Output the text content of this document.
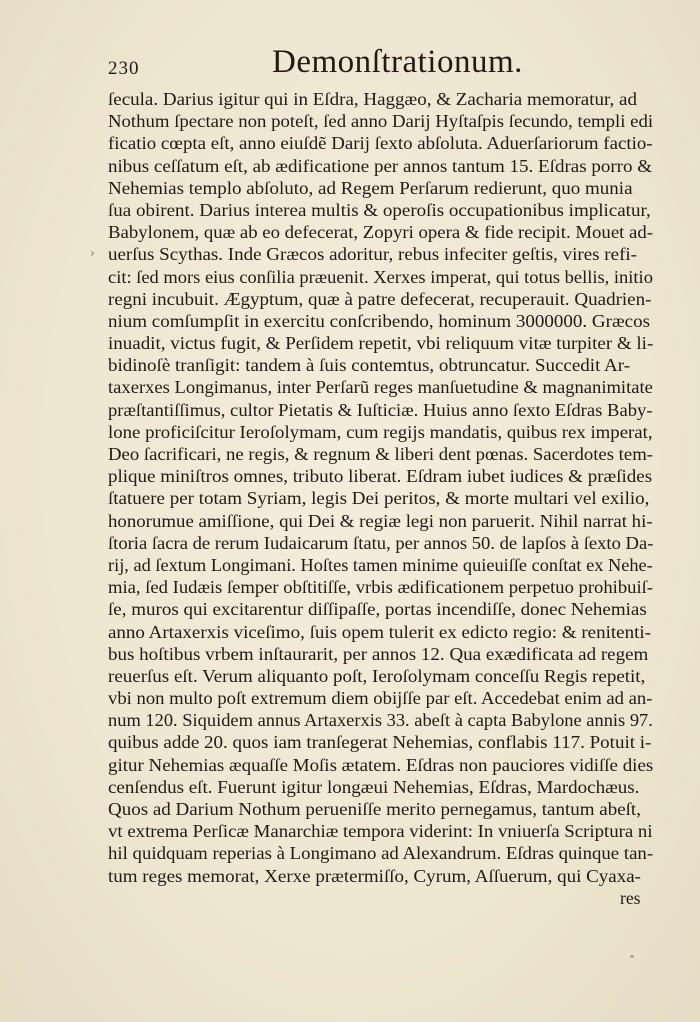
230	Demonſtrationum.
›
ſecula. Darius igitur qui in Eſdra, Haggæo, & Zacharia memoratur, ad
Nothum ſpectare non poteſt, ſed anno Darij Hyſtaſpis ſecundo, templi edi
ficatio cœpta eſt, anno eiuſdẽ Darij ſexto abſoluta. Aduerſariorum factio-
nibus ceſſatum eſt, ab ædificatione per annos tantum 15. Eſdras porro &
Nehemias templo abſoluto, ad Regem Perſarum redierunt, quo munia
ſua obirent. Darius interea multis & operoſis occupationibus implicatur,
Babylonem, quæ ab eo defecerat, Zopyri opera & fide recipit. Mouet ad-
uerſus Scythas. Inde Græcos adoritur, rebus infeciter geſtis, vires refi-
cit: ſed mors eius conſilia præuenit. Xerxes imperat, qui totus bellis, initio
regni incubuit. Ægyptum, quæ à patre defecerat, recuperauit. Quadrien-
nium comſumpſit in exercitu conſcribendo, hominum 3000000. Græcos
inuadit, victus fugit, & Perſidem repetit, vbi reliquum vitæ turpiter & li-
bidinoſè tranſigit: tandem à ſuis contemtus, obtruncatur. Succedit Ar-
taxerxes Longimanus, inter Perſarũ reges manſuetudine & magnanimitate
præſtantiſſimus, cultor Pietatis & Iuſticiæ. Huius anno ſexto Eſdras Baby-
lone proficiſcitur Ieroſolymam, cum regijs mandatis, quibus rex imperat,
Deo ſacrificari, ne regis, & regnum & liberi dent pœnas. Sacerdotes tem-
plique miniſtros omnes, tributo liberat. Eſdram iubet iudices & præſides
ſtatuere per totam Syriam, legis Dei peritos, & morte multari vel exilio,
honorumue amiſſione, qui Dei & regiæ legi non paruerit. Nihil narrat hi-
ſtoria ſacra de rerum Iudaicarum ſtatu, per annos 50. de lapſos à ſexto Da-
rij, ad ſextum Longimani. Hoſtes tamen minime quieuiſſe conſtat ex Nehe-
mia, ſed Iudæis ſemper obſtitiſſe, vrbis ædificationem perpetuo prohibuiſ-
ſe, muros qui excitarentur diſſipaſſe, portas incendiſſe, donec Nehemias
anno Artaxerxis viceſimo, ſuis opem tulerit ex edicto regio: & renitenti-
bus hoſtibus vrbem inſtaurarit, per annos 12. Qua exædificata ad regem
reuerſus eſt. Verum aliquanto poſt, Ieroſolymam conceſſu Regis repetit,
vbi non multo poſt extremum diem obijſſe par eſt. Accedebat enim ad an-
num 120. Siquidem annus Artaxerxis 33. abeſt à capta Babylone annis 97.
quibus adde 20. quos iam tranſegerat Nehemias, conflabis 117. Potuit i-
gitur Nehemias æquaſſe Moſis ætatem. Eſdras non pauciores vidiſſe dies
cenſendus eſt. Fuerunt igitur longæui Nehemias, Eſdras, Mardochæus.
Quos ad Darium Nothum perueniſſe merito pernegamus, tantum abeſt,
vt extrema Perſicæ Manarchiæ tempora viderint: In vniuerſa Scriptura ni
hil quidquam reperias à Longimano ad Alexandrum. Eſdras quinque tan-
tum reges memorat, Xerxe prætermiſſo, Cyrum, Aſſuerum, qui Cyaxa-
res
